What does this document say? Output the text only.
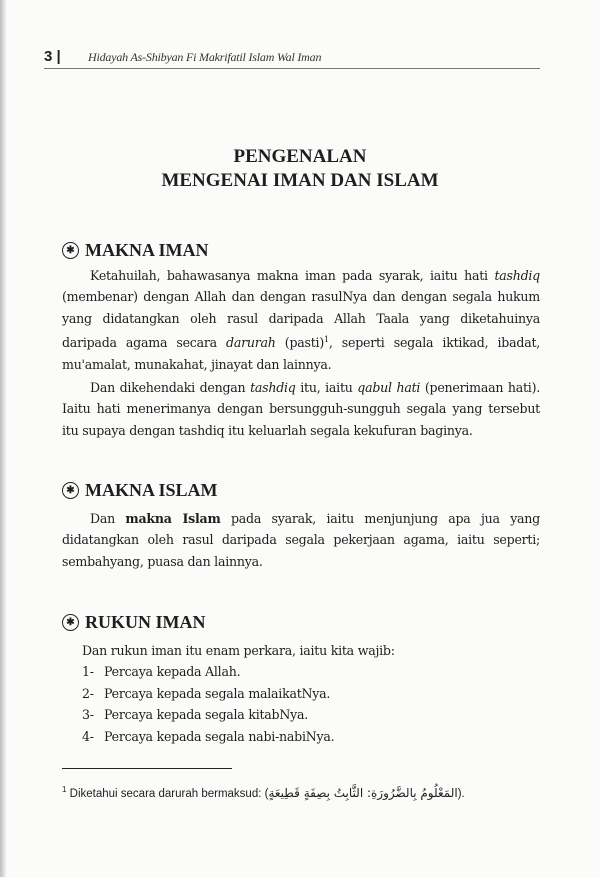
3 | Hidayah As-Shibyan Fi Makrifatil Islam Wal Iman
PENGENALAN
MENGENAI IMAN DAN ISLAM
✱ MAKNA IMAN
Ketahuilah, bahawasanya makna iman pada syarak, iaitu hati tashdiq (membenar) dengan Allah dan dengan rasulNya dan dengan segala hukum yang didatangkan oleh rasul daripada Allah Taala yang diketahuinya daripada agama secara darurah (pasti)$^1$, seperti segala iktikad, ibadat, mu'amalat, munakahat, jinayat dan lainnya.
Dan dikehendaki dengan tashdiq itu, iaitu qabul hati (penerimaan hati). Iaitu hati menerimanya dengan bersungguh-sungguh segala yang tersebut itu supaya dengan tashdiq itu keluarlah segala kekufuran baginya.
✱ MAKNA ISLAM
Dan makna Islam pada syarak, iaitu menjunjung apa jua yang didatangkan oleh rasul daripada segala pekerjaan agama, iaitu seperti; sembahyang, puasa dan lainnya.
✱ RUKUN IMAN
Dan rukun iman itu enam perkara, iaitu kita wajib:
1- Percaya kepada Allah.
2- Percaya kepada segala malaikatNya.
3- Percaya kepada segala kitabNya.
4- Percaya kepada segala nabi-nabiNya.
$^1$ Diketahui secara darurah bermaksud: (المَعْلُومُ بِالضَّرُورَةِ: الثَّابِتُ بِصِفَةٍ قَطِيعَةٍ).
